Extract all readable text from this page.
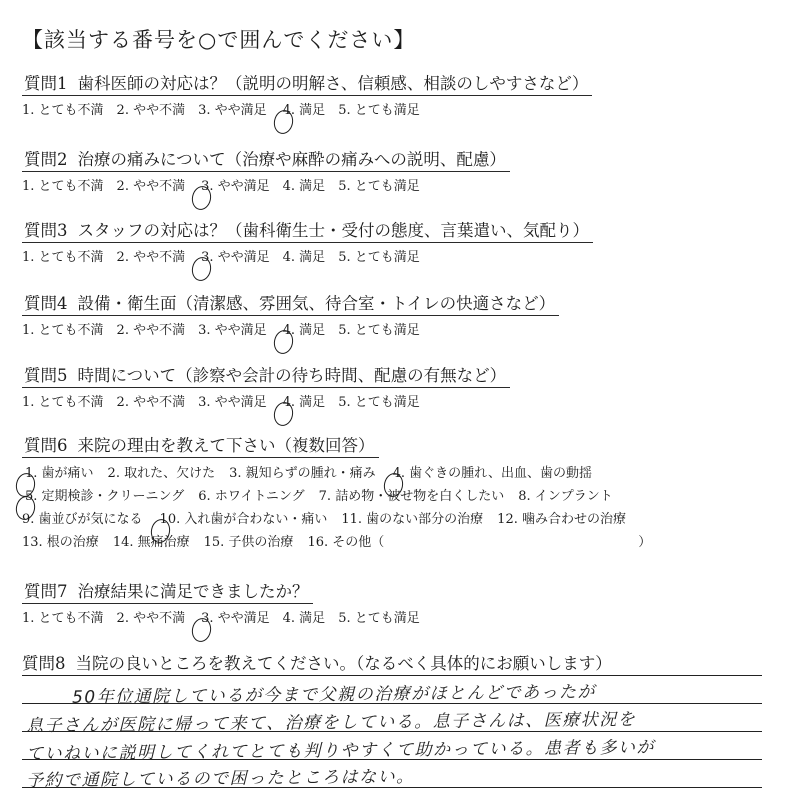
【該当する番号を○で囲んでください】
質問1 歯科医師の対応は？（説明の明解さ、信頼感、相談のしやすさなど）
1. とても不満 2. やや不満 3. やや満足 4. 満足 5. とても満足
質問2 治療の痛みについて（治療や麻酔の痛みへの説明、配慮）
1. とても不満 2. やや不満 3. やや満足 4. 満足 5. とても満足
質問3 スタッフの対応は？（歯科衛生士・受付の態度、言葉遣い、気配り）
1. とても不満 2. やや不満 3. やや満足 4. 満足 5. とても満足
質問4 設備・衛生面（清潔感、雰囲気、待合室・トイレの快適さなど）
1. とても不満 2. やや不満 3. やや満足 4. 満足 5. とても満足
質問5 時間について（診察や会計の待ち時間、配慮の有無など）
1. とても不満 2. やや不満 3. やや満足 4. 満足 5. とても満足
質問6 来院の理由を教えて下さい（複数回答）
1. 歯が痛い 2. 取れた、欠けた 3. 親知らずの腫れ・痛み 4. 歯ぐきの腫れ、出血、歯の動揺
5. 定期検診・クリーニング 6. ホワイトニング 7. 詰め物・被せ物を白くしたい 8. インプラント
9. 歯並びが気になる 10. 入れ歯が合わない・痛い 11. 歯のない部分の治療 12. 噛み合わせの治療
13. 根の治療 14. 無痛治療 15. 子供の治療 16. その他（	）
質問7 治療結果に満足できましたか？
1. とても不満 2. やや不満 3. やや満足 4. 満足 5. とても満足
質問8 当院の良いところを教えてください。（なるべく具体的にお願いします）
50年位通院しているが今まで父親の治療がほとんどであったが
息子さんが医院に帰って来て、治療をしている。息子さんは、医療状況を
ていねいに説明してくれてとても判りやすくて助かっている。患者も多いが
予約で通院しているので困ったところはない。
